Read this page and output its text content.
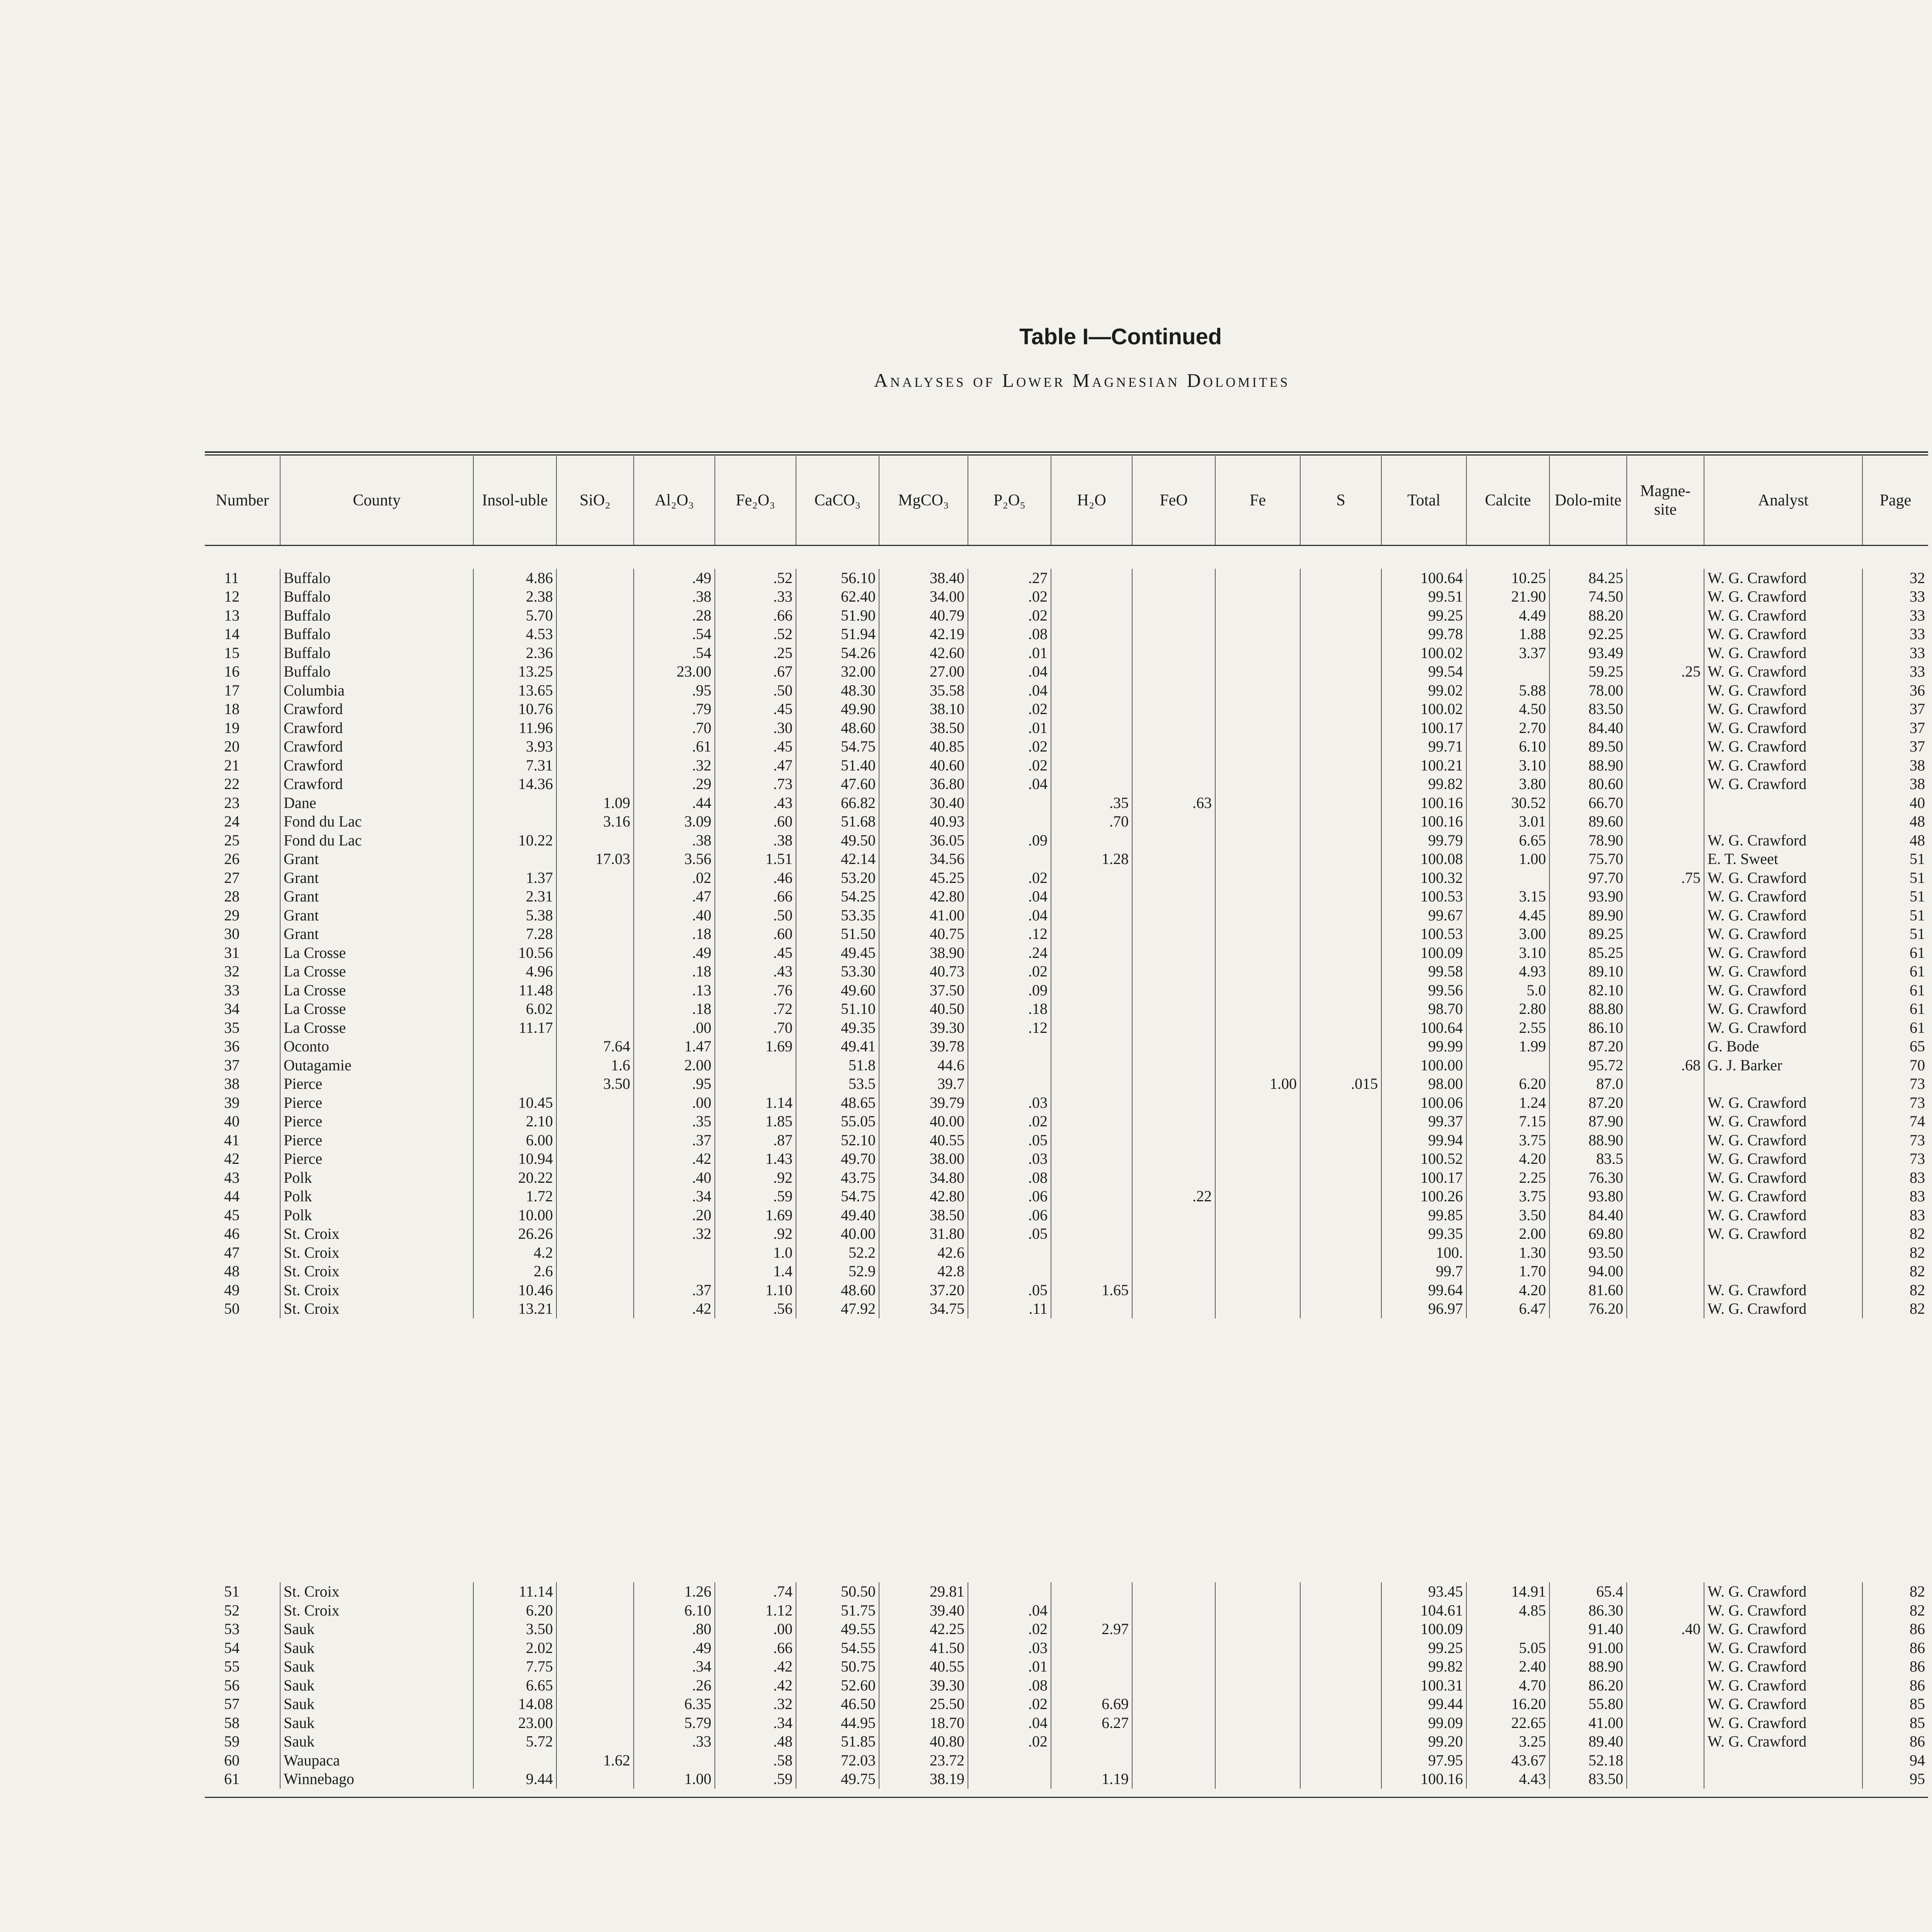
Table I—Continued
Analyses of Lower Magnesian Dolomites
Number	County	Insol-uble	SiO₂	Al₂O₃	Fe₂O₃	CaCO₃	MgCO₃	P₂O₅	H₂O	FeO	Fe	S	Total	Calcite	Dolo-mite	Magne-site	Analyst	Page

11	Buffalo	4.86		.49	.52	56.10	38.40	.27					100.64	10.25	84.25		W. G. Crawford	32
12	Buffalo	2.38		.38	.33	62.40	34.00	.02					99.51	21.90	74.50		W. G. Crawford	33
13	Buffalo	5.70		.28	.66	51.90	40.79	.02					99.25	4.49	88.20		W. G. Crawford	33
14	Buffalo	4.53		.54	.52	51.94	42.19	.08					99.78	1.88	92.25		W. G. Crawford	33
15	Buffalo	2.36		.54	.25	54.26	42.60	.01					100.02	3.37	93.49		W. G. Crawford	33
16	Buffalo	13.25		23.00	.67	32.00	27.00	.04					99.54		59.25	.25	W. G. Crawford	33
17	Columbia	13.65		.95	.50	48.30	35.58	.04					99.02	5.88	78.00		W. G. Crawford	36
18	Crawford	10.76		.79	.45	49.90	38.10	.02					100.02	4.50	83.50		W. G. Crawford	37
19	Crawford	11.96		.70	.30	48.60	38.50	.01					100.17	2.70	84.40		W. G. Crawford	37
20	Crawford	3.93		.61	.45	54.75	40.85	.02					99.71	6.10	89.50		W. G. Crawford	37
21	Crawford	7.31		.32	.47	51.40	40.60	.02					100.21	3.10	88.90		W. G. Crawford	38
22	Crawford	14.36		.29	.73	47.60	36.80	.04					99.82	3.80	80.60		W. G. Crawford	38
23	Dane		1.09	.44	.43	66.82	30.40		.35	.63			100.16	30.52	66.70			40
24	Fond du Lac		3.16	3.09	.60	51.68	40.93		.70				100.16	3.01	89.60			48
25	Fond du Lac	10.22		.38	.38	49.50	36.05	.09					99.79	6.65	78.90		W. G. Crawford	48
26	Grant		17.03	3.56	1.51	42.14	34.56		1.28				100.08	1.00	75.70		E. T. Sweet	51
27	Grant	1.37		.02	.46	53.20	45.25	.02					100.32		97.70	.75	W. G. Crawford	51
28	Grant	2.31		.47	.66	54.25	42.80	.04					100.53	3.15	93.90		W. G. Crawford	51
29	Grant	5.38		.40	.50	53.35	41.00	.04					99.67	4.45	89.90		W. G. Crawford	51
30	Grant	7.28		.18	.60	51.50	40.75	.12					100.53	3.00	89.25		W. G. Crawford	51
31	La Crosse	10.56		.49	.45	49.45	38.90	.24					100.09	3.10	85.25		W. G. Crawford	61
32	La Crosse	4.96		.18	.43	53.30	40.73	.02					99.58	4.93	89.10		W. G. Crawford	61
33	La Crosse	11.48		.13	.76	49.60	37.50	.09					99.56	5.0	82.10		W. G. Crawford	61
34	La Crosse	6.02		.18	.72	51.10	40.50	.18					98.70	2.80	88.80		W. G. Crawford	61
35	La Crosse	11.17		.00	.70	49.35	39.30	.12					100.64	2.55	86.10		W. G. Crawford	61
36	Oconto		7.64	1.47	1.69	49.41	39.78						99.99	1.99	87.20		G. Bode	65
37	Outagamie		1.6	2.00		51.8	44.6						100.00		95.72	.68	G. J. Barker	70
38	Pierce		3.50	.95		53.5	39.7				1.00	.015	98.00	6.20	87.0			73
39	Pierce	10.45		.00	1.14	48.65	39.79	.03					100.06	1.24	87.20		W. G. Crawford	73
40	Pierce	2.10		.35	1.85	55.05	40.00	.02					99.37	7.15	87.90		W. G. Crawford	74
41	Pierce	6.00		.37	.87	52.10	40.55	.05					99.94	3.75	88.90		W. G. Crawford	73
42	Pierce	10.94		.42	1.43	49.70	38.00	.03					100.52	4.20	83.5		W. G. Crawford	73
43	Polk	20.22		.40	.92	43.75	34.80	.08					100.17	2.25	76.30		W. G. Crawford	83
44	Polk	1.72		.34	.59	54.75	42.80	.06		.22			100.26	3.75	93.80		W. G. Crawford	83
45	Polk	10.00		.20	1.69	49.40	38.50	.06					99.85	3.50	84.40		W. G. Crawford	83
46	St. Croix	26.26		.32	.92	40.00	31.80	.05					99.35	2.00	69.80		W. G. Crawford	82
47	St. Croix	4.2			1.0	52.2	42.6						100.	1.30	93.50			82
48	St. Croix	2.6			1.4	52.9	42.8						99.7	1.70	94.00			82
49	St. Croix	10.46		.37	1.10	48.60	37.20	.05	1.65				99.64	4.20	81.60		W. G. Crawford	82
50	St. Croix	13.21		.42	.56	47.92	34.75	.11					96.97	6.47	76.20		W. G. Crawford	82
51	St. Croix	11.14		1.26	.74	50.50	29.81						93.45	14.91	65.4		W. G. Crawford	82
52	St. Croix	6.20		6.10	1.12	51.75	39.40	.04					104.61	4.85	86.30		W. G. Crawford	82
53	Sauk	3.50		.80	.00	49.55	42.25	.02	2.97				100.09		91.40	.40	W. G. Crawford	86
54	Sauk	2.02		.49	.66	54.55	41.50	.03					99.25	5.05	91.00		W. G. Crawford	86
55	Sauk	7.75		.34	.42	50.75	40.55	.01					99.82	2.40	88.90		W. G. Crawford	86
56	Sauk	6.65		.26	.42	52.60	39.30	.08					100.31	4.70	86.20		W. G. Crawford	86
57	Sauk	14.08		6.35	.32	46.50	25.50	.02	6.69				99.44	16.20	55.80		W. G. Crawford	85
58	Sauk	23.00		5.79	.34	44.95	18.70	.04	6.27				99.09	22.65	41.00		W. G. Crawford	85
59	Sauk	5.72		.33	.48	51.85	40.80	.02					99.20	3.25	89.40		W. G. Crawford	86
60	Waupaca		1.62		.58	72.03	23.72						97.95	43.67	52.18			94
61	Winnebago	9.44		1.00	.59	49.75	38.19		1.19				100.16	4.43	83.50			95
